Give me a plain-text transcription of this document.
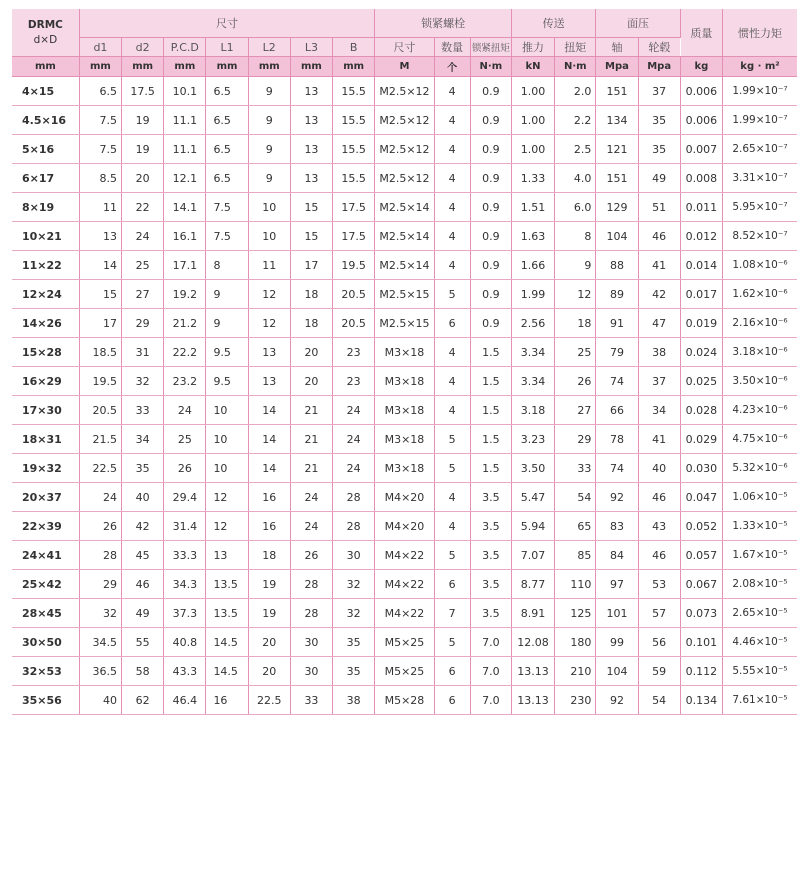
DRMC
d×D	尺寸							锁紧螺栓			传送		面压		质量	惯性力矩
	d1	d2	P.C.D	L1	L2	L3	B	尺寸	数量	锁紧扭矩	推力	扭矩	轴	轮毂		
mm	mm	mm	mm	mm	mm	mm	mm	M	个	N·m	kN	N·m	Mpa	Mpa	kg	kg · m²
4×15	6.5	17.5	10.1	6.5	9	13	15.5	M2.5×12	4	0.9	1.00	2.0	151	37	0.006	1.99×10⁻⁷
4.5×16	7.5	19	11.1	6.5	9	13	15.5	M2.5×12	4	0.9	1.00	2.2	134	35	0.006	1.99×10⁻⁷
5×16	7.5	19	11.1	6.5	9	13	15.5	M2.5×12	4	0.9	1.00	2.5	121	35	0.007	2.65×10⁻⁷
6×17	8.5	20	12.1	6.5	9	13	15.5	M2.5×12	4	0.9	1.33	4.0	151	49	0.008	3.31×10⁻⁷
8×19	11	22	14.1	7.5	10	15	17.5	M2.5×14	4	0.9	1.51	6.0	129	51	0.011	5.95×10⁻⁷
10×21	13	24	16.1	7.5	10	15	17.5	M2.5×14	4	0.9	1.63	8	104	46	0.012	8.52×10⁻⁷
11×22	14	25	17.1	8	11	17	19.5	M2.5×14	4	0.9	1.66	9	88	41	0.014	1.08×10⁻⁶
12×24	15	27	19.2	9	12	18	20.5	M2.5×15	5	0.9	1.99	12	89	42	0.017	1.62×10⁻⁶
14×26	17	29	21.2	9	12	18	20.5	M2.5×15	6	0.9	2.56	18	91	47	0.019	2.16×10⁻⁶
15×28	18.5	31	22.2	9.5	13	20	23	M3×18	4	1.5	3.34	25	79	38	0.024	3.18×10⁻⁶
16×29	19.5	32	23.2	9.5	13	20	23	M3×18	4	1.5	3.34	26	74	37	0.025	3.50×10⁻⁶
17×30	20.5	33	24	10	14	21	24	M3×18	4	1.5	3.18	27	66	34	0.028	4.23×10⁻⁶
18×31	21.5	34	25	10	14	21	24	M3×18	5	1.5	3.23	29	78	41	0.029	4.75×10⁻⁶
19×32	22.5	35	26	10	14	21	24	M3×18	5	1.5	3.50	33	74	40	0.030	5.32×10⁻⁶
20×37	24	40	29.4	12	16	24	28	M4×20	4	3.5	5.47	54	92	46	0.047	1.06×10⁻⁵
22×39	26	42	31.4	12	16	24	28	M4×20	4	3.5	5.94	65	83	43	0.052	1.33×10⁻⁵
24×41	28	45	33.3	13	18	26	30	M4×22	5	3.5	7.07	85	84	46	0.057	1.67×10⁻⁵
25×42	29	46	34.3	13.5	19	28	32	M4×22	6	3.5	8.77	110	97	53	0.067	2.08×10⁻⁵
28×45	32	49	37.3	13.5	19	28	32	M4×22	7	3.5	8.91	125	101	57	0.073	2.65×10⁻⁵
30×50	34.5	55	40.8	14.5	20	30	35	M5×25	5	7.0	12.08	180	99	56	0.101	4.46×10⁻⁵
32×53	36.5	58	43.3	14.5	20	30	35	M5×25	6	7.0	13.13	210	104	59	0.112	5.55×10⁻⁵
35×56	40	62	46.4	16	22.5	33	38	M5×28	6	7.0	13.13	230	92	54	0.134	7.61×10⁻⁵
